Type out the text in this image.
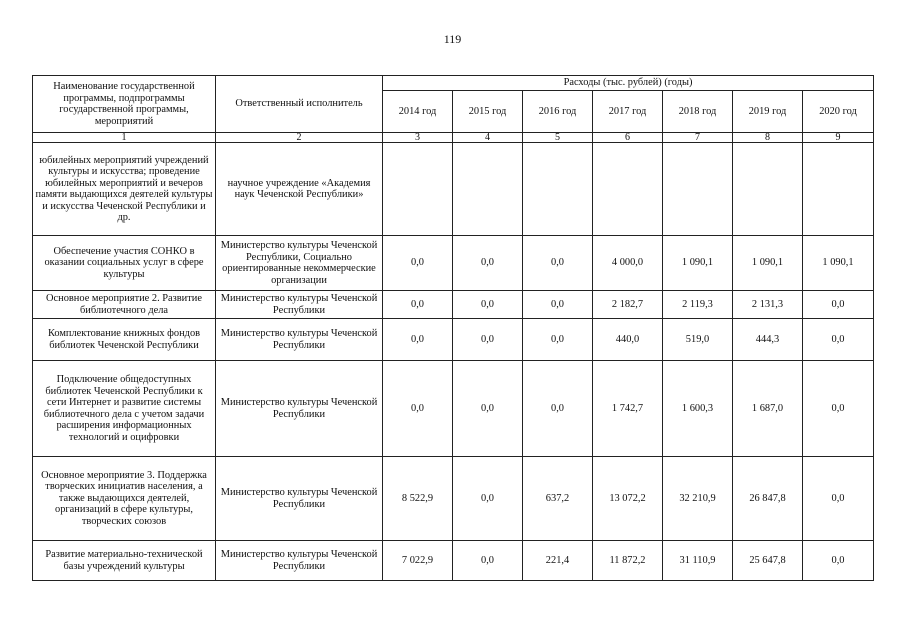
119
Наименование государственной программы, подпрограммы государственной программы, мероприятий	Ответственный исполнитель	Расходы (тыс. рублей) (годы)						
		2014 год	2015 год	2016 год	2017 год	2018 год	2019 год	2020 год
1	2	3	4	5	6	7	8	9
юбилейных мероприятий учреждений культуры и искусства; проведение юбилейных мероприятий и вечеров памяти выдающихся деятелей культуры и искусства Чеченской Республики и др.	научное учреждение «Академия наук Чеченской Республики»							
Обеспечение участия СОНКО в оказании социальных услуг в сфере культуры	Министерство культуры Чеченской Республики, Социально ориентированные некоммерческие организации	0,0	0,0	0,0	4 000,0	1 090,1	1 090,1	1 090,1
Основное мероприятие 2. Развитие библиотечного дела	Министерство культуры Чеченской Республики	0,0	0,0	0,0	2 182,7	2 119,3	2 131,3	0,0
Комплектование книжных фондов библиотек Чеченской Республики	Министерство культуры Чеченской Республики	0,0	0,0	0,0	440,0	519,0	444,3	0,0
Подключение общедоступных библиотек Чеченской Республики к сети Интернет и развитие системы библиотечного дела с учетом задачи расширения информационных технологий и оцифровки	Министерство культуры Чеченской Республики	0,0	0,0	0,0	1 742,7	1 600,3	1 687,0	0,0
Основное мероприятие 3. Поддержка творческих инициатив населения, а также выдающихся деятелей, организаций в сфере культуры, творческих союзов	Министерство культуры Чеченской Республики	8 522,9	0,0	637,2	13 072,2	32 210,9	26 847,8	0,0
Развитие материально-технической базы учреждений культуры	Министерство культуры Чеченской Республики	7 022,9	0,0	221,4	11 872,2	31 110,9	25 647,8	0,0
